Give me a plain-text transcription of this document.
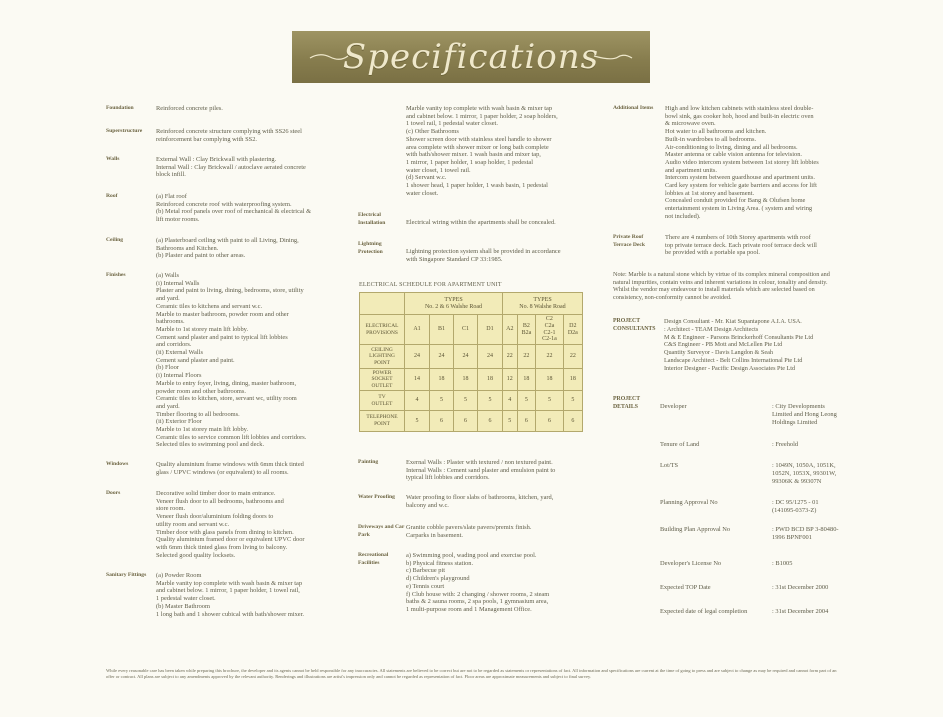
Specifications
Foundation	Reinforced concrete piles.
Superstructure	Reinforced concrete structure complying with SS26 steel
reinforcement bar complying with SS2.
Walls	External Wall : Clay Brickwall with plastering.
Internal Wall : Clay Brickwall / autoclave aerated concrete
block infill.
Roof	(a) Flat roof
Reinforced concrete roof with waterproofing system.
(b) Metal roof panels over roof of mechanical & electrical &
lift motor rooms.
Ceiling	(a) Plasterboard ceiling with paint to all Living, Dining,
Bathrooms and Kitchen.
(b) Plaster and paint to other areas.
Finishes	(a) Walls
(i) Internal Walls
Plaster and paint to living, dining, bedrooms, store, utility
and yard.
Ceramic tiles to kitchens and servant w.c.
Marble to master bathroom, powder room and other
bathrooms.
Marble to 1st storey main lift lobby.
Cement sand plaster and paint to typical lift lobbies
and corridors.
(ii) External Walls
Cement sand plaster and paint.
(b) Floor
(i) Internal Floors
Marble to entry foyer, living, dining, master bathroom,
powder room and other bathrooms.
Ceramic tiles to kitchen, store, servant wc, utility room
and yard.
Timber flooring to all bedrooms.
(ii) Exterior Floor
Marble to 1st storey main lift lobby.
Ceramic tiles to service common lift lobbies and corridors.
Selected tiles to swimming pool and deck.
Windows	Quality aluminium frame windows with 6mm thick tinted
glass / UPVC windows (or equivalent) to all rooms.
Doors	Decorative solid timber door to main entrance.
Veneer flush door to all bedrooms, bathrooms and
store room.
Veneer flush door/aluminium folding doors to
utility room and servant w.c.
Timber door with glass panels from dining to kitchen.
Quality aluminium framed door or equivalent UPVC door
with 6mm thick tinted glass from living to balcony.
Selected good quality locksets.
Sanitary Fittings	(a) Powder Room
Marble vanity top complete with wash basin & mixer tap
and cabinet below. 1 mirror, 1 paper holder, 1 towel rail,
1 pedestal water closet.
(b) Master Bathroom
1 long bath and 1 shower cubical with bath/shower mixer.
Marble vanity top complete with wash basin & mixer tap
and cabinet below. 1 mirror, 1 paper holder, 2 soap holders,
1 towel rail, 1 pedestal water closet.
(c) Other Bathrooms
Shower screen door with stainless steel handle to shower
area complete with shower mixer or long bath complete
with bath/shower mixer. 1 wash basin and mixer tap,
1 mirror, 1 paper holder, 1 soap holder, 1 pedestal
water closet, 1 towel rail.
(d) Servant w.c.
1 shower head, 1 paper holder, 1 wash basin, 1 pedestal
water closet.
Electrical Installation	Electrical wiring within the apartments shall be concealed.
Lightning Protection	Lightning protection system shall be provided in accordance
with Singapore Standard CP 33:1985.
Painting	Exernal Walls : Plaster with textured / non textured paint.
Internal Walls : Cement sand plaster and emulsion paint to
typical lift lobbies and corridors.
Water Proofing	Water proofing to floor slabs of bathrooms, kitchen, yard,
balcony and w.c.
Driveways and Car Park
Granite cobble pavers/slate pavers/premix finish.
Carparks in basement.
Recreational Facilities
a) Swimming pool, wading pool and exercise pool.
b) Physical fitness station.
c) Barbecue pit
d) Children's playground
e) Tennis court
f) Club house with: 2 changing / shower rooms, 2 steam
baths & 2 sauna rooms, 2 spa pools, 1 gymnasium area,
1 multi-purpose room and 1 Management Office.
ELECTRICAL SCHEDULE FOR APARTMENT UNIT
	TYPES
No. 2 & 6 Walshe Road				TYPES
No. 8 Walshe Road			
ELECTRICAL
PROVISIONS	A1	B1	C1	D1	A2	B2
B2a	C2
C2a
C2-1
C2-1a	D2
D2a
CEILING
LIGHTING
POINT	24	24	24	24	22	22	22	22
POWER
SOCKET
OUTLET	14	18	18	18	12	18	18	18
TV
OUTLET	4	5	5	5	4	5	5	5
TELEPHONE
POINT	5	6	6	6	5	6	6	6
Additional Items	High and low kitchen cabinets with stainless steel double-
bowl sink, gas cooker hob, hood and built-in electric oven
& microwave oven.
Hot water to all bathrooms and kitchen.
Built-in wardrobes to all bedrooms.
Air-conditioning to living, dining and all bedrooms.
Master antenna or cable vision antenna for television.
Audio video intercom system between 1st storey lift lobbies
and apartment units.
Intercom system between guardhouse and apartment units.
Card key system for vehicle gate barriers and access for lift
lobbies at 1st storey and basement.
Concealed conduit provided for Bang & Olufsen home
entertainment system in Living Area. ( system and wiring
not included).
Private Roof Terrace Deck
There are 4 numbers of 10th Storey apartments with roof
top private terrace deck. Each private roof terrace deck will
be provided with a portable spa pool.
Note: Marble is a natural stone which by virtue of its complex mineral composition and natural impurities, contain veins and inherent variations in colour, tonality and density. Whilst the vendor may endeavour to install materials which are selected based on consistency, non-conformity cannot be avoided.
PROJECT
CONSULTANTS
Design Consultant - Mr. Kiat Supantapone A.I.A. USA.
: Architect - TEAM Design Architects
M & E Engineer - Parsons Brinckerhoff Consultants Pte Ltd
C&S Engineer - PB Mott and McLellen Pte Ltd
Quantity Surveyor - Davis Langdon & Seah
Landscape Architect - Belt Collins International Pte Ltd
Interior Designer - Pacific Design Associates Pte Ltd
PROJECT
DETAILS	Developer	: City Developments
Limited and Hong Leong
Holdings Limited
Tenure of Land	: Freehold
Lot/TS	: 1049N, 1050A, 1051K,
1052N, 1053X, 99301W,
99306K & 99307N
Planning Approval No	: DC 95/1275 - 01
(141095-0373-Z)
Building Plan Approval No	: PWD BCD BP 3-80480-
1996 BPNF001
Developer's License No	: B1005
Expected TOP Date	: 31st December 2000
Expected date of legal completion	: 31st December 2004
While every reasonable care has been taken while preparing this brochure, the developer and its agents cannot be held responsible for any inaccuracies. All statements are believed to be correct but are not to be regarded as statements or representations of fact. All information and specifications are current at the time of going to press and are subject to change as may be required and cannot form part of an offer or contract. All plans are subject to any amendments approved by the relevant authority. Renderings and illustrations are artist's impression only and cannot be regarded as representation of fact. Floor areas are approximate measurements and subject to final survey.
